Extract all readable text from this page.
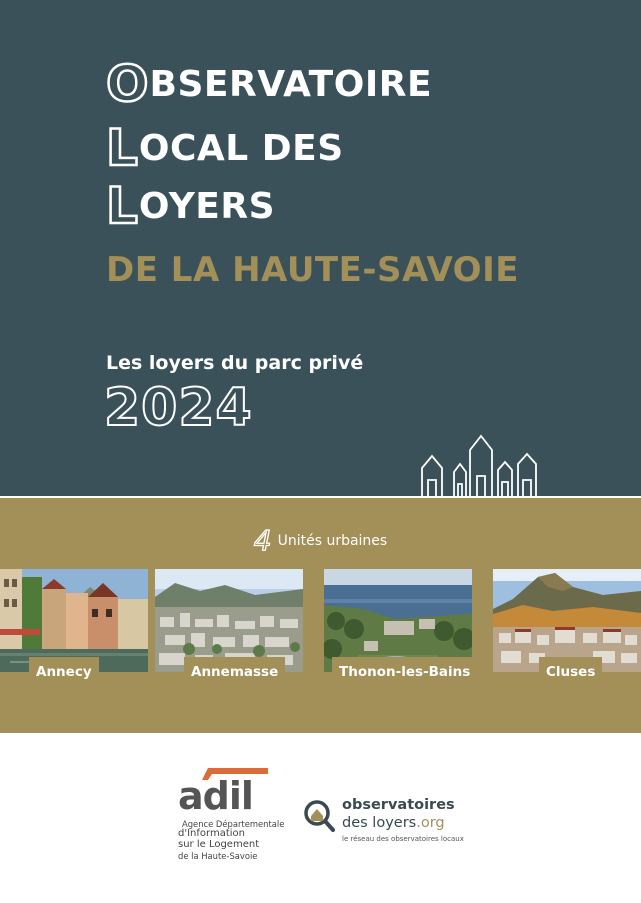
O BSERVATOIRE
L OCAL DES
L OYERS
DE LA HAUTE-SAVOIE
Les loyers du parc privé
2024
4 Unités urbaines
Annecy	Annemasse	Thonon-les-Bains	Cluses
adil
Agence Départementale
d'Information
sur le Logement
de la Haute-Savoie
observatoires
des loyers.org
le réseau des observatoires locaux
